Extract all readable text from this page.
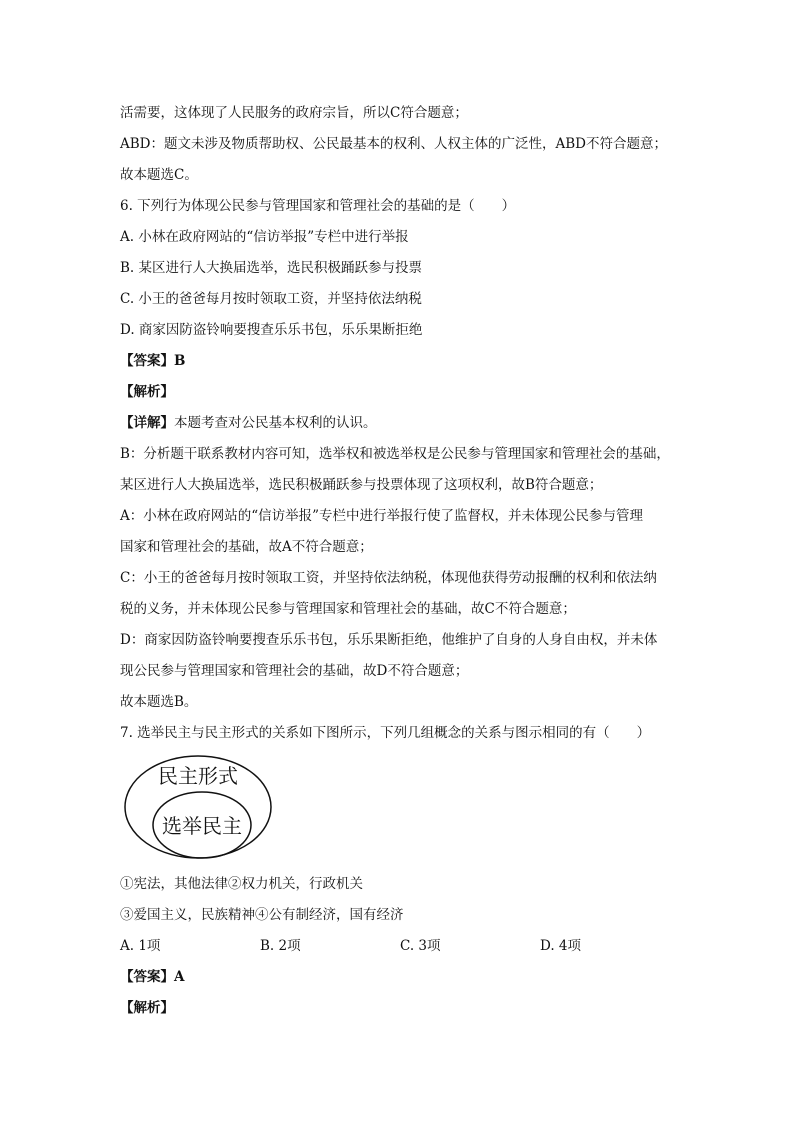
活需要，这体现了人民服务的政府宗旨，所以C符合题意；
ABD：题文未涉及物质帮助权、公民最基本的权利、人权主体的广泛性，ABD不符合题意；
故本题选C。
6. 下列行为体现公民参与管理国家和管理社会的基础的是（　　）
A. 小林在政府网站的“信访举报”专栏中进行举报
B. 某区进行人大换届选举，选民积极踊跃参与投票
C. 小王的爸爸每月按时领取工资，并坚持依法纳税
D. 商家因防盗铃响要搜查乐乐书包，乐乐果断拒绝
【答案】B
【解析】
【详解】本题考查对公民基本权利的认识。
B：分析题干联系教材内容可知，选举权和被选举权是公民参与管理国家和管理社会的基础，
某区进行人大换届选举，选民积极踊跃参与投票体现了这项权利，故B符合题意；
A：小林在政府网站的“信访举报”专栏中进行举报行使了监督权，并未体现公民参与管理
国家和管理社会的基础，故A不符合题意；
C：小王的爸爸每月按时领取工资，并坚持依法纳税，体现他获得劳动报酬的权利和依法纳
税的义务，并未体现公民参与管理国家和管理社会的基础，故C不符合题意；
D：商家因防盗铃响要搜查乐乐书包，乐乐果断拒绝，他维护了自身的人身自由权，并未体
现公民参与管理国家和管理社会的基础，故D不符合题意；
故本题选B。
7. 选举民主与民主形式的关系如下图所示，下列几组概念的关系与图示相同的有（　　）
民主形式
选举民主
①宪法，其他法律②权力机关，行政机关
③爱国主义，民族精神④公有制经济，国有经济
A. 1项	B. 2项	C. 3项	D. 4项
【答案】A
【解析】
